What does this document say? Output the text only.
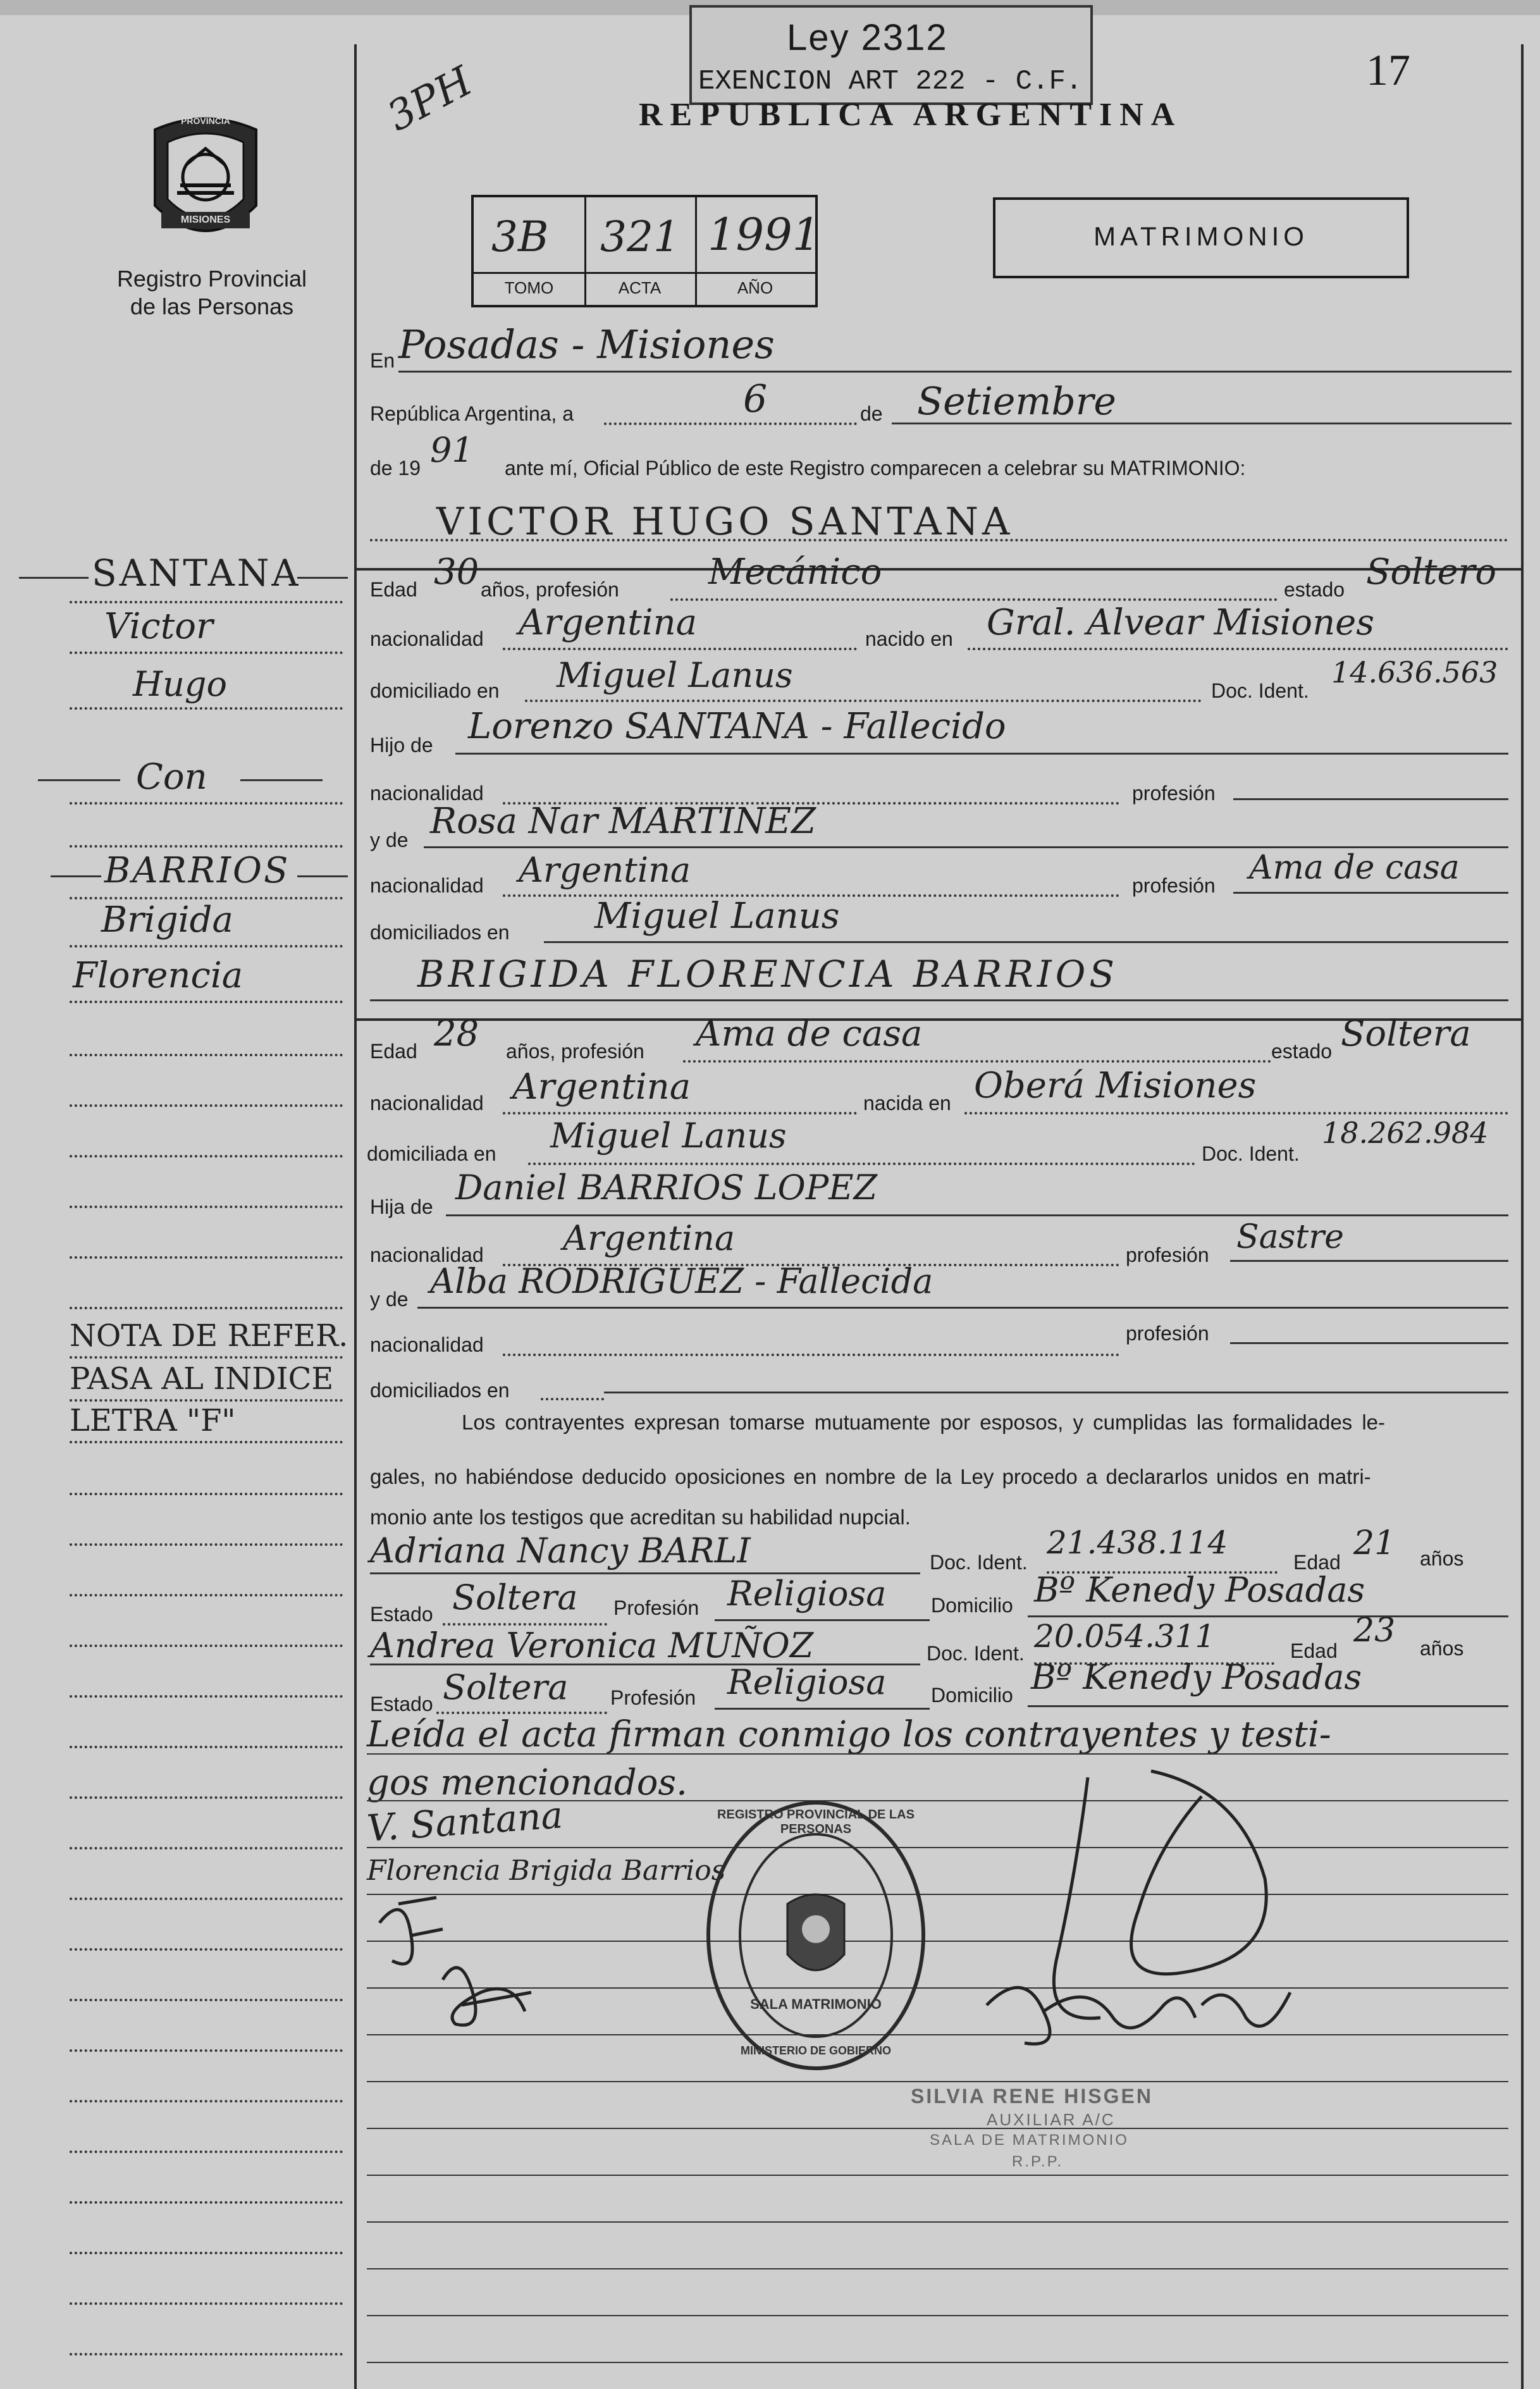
Ley 2312
EXENCION ART 222 - C.F.
REPUBLICA ARGENTINA
17
3PH
PROVINCIA
MISIONES
Registro Provincial
de las Personas
3B 321 1991
TOMO	ACTA	AÑO
MATRIMONIO
En Posadas - Misiones
República Argentina, a	6	de Setiembre
de 19 91 ante mí, Oficial Público de este Registro comparecen a celebrar su MATRIMONIO:
VICTOR HUGO SANTANA
Edad 30 años, profesión	Mecánico	estado Soltero
nacionalidad Argentina	nacido en Gral. Alvear Misiones
domiciliado en Miguel Lanus	Doc. Ident.
14.636.563
Hijo de Lorenzo SANTANA - Fallecido
nacionalidad	profesión
y de Rosa Nar MARTINEZ
nacionalidad Argentina	profesión Ama de casa
domiciliados en Miguel Lanus
BRIGIDA FLORENCIA BARRIOS
Edad 28 años, profesión Ama de casa	estado Soltera
nacionalidad Argentina	nacida en Oberá Misiones
domiciliada en Miguel Lanus	Doc. Ident.
18.262.984
Hija de Daniel BARRIOS LOPEZ
nacionalidad Argentina	profesión Sastre
y de Alba RODRIGUEZ - Fallecida
nacionalidad	profesión
domiciliados en
Los contrayentes expresan tomarse mutuamente por esposos, y cumplidas las formalidades le-
gales, no habiéndose deducido oposiciones en nombre de la Ley procedo a declararlos unidos en matri-
monio ante los testigos que acreditan su habilidad nupcial.
Adriana Nancy BARLI	Doc. Ident.
21.438.114
Edad 21 años
Estado Soltera Profesión Religiosa Domicilio Bº Kenedy Posadas
Andrea Veronica MUÑOZ	Doc. Ident. 20.054.311	Edad
23 años
Estado Soltera Profesión Religiosa Domicilio Bº Kenedy Posadas
Leída el acta firman conmigo los contrayentes y testi-
gos mencionados.
V. Santana
Florencia Brigida Barrios
REGISTRO PROVINCIAL DE LAS PERSONAS
SALA MATRIMONIO
MINISTERIO DE GOBIERNO
SILVIA RENE HISGEN
AUXILIAR A/C
SALA DE MATRIMONIO
R.P.P.
SANTANA
Victor
Hugo
Con
BARRIOS
Brigida
Florencia
NOTA DE REFER.
PASA AL INDICE
LETRA "F"
